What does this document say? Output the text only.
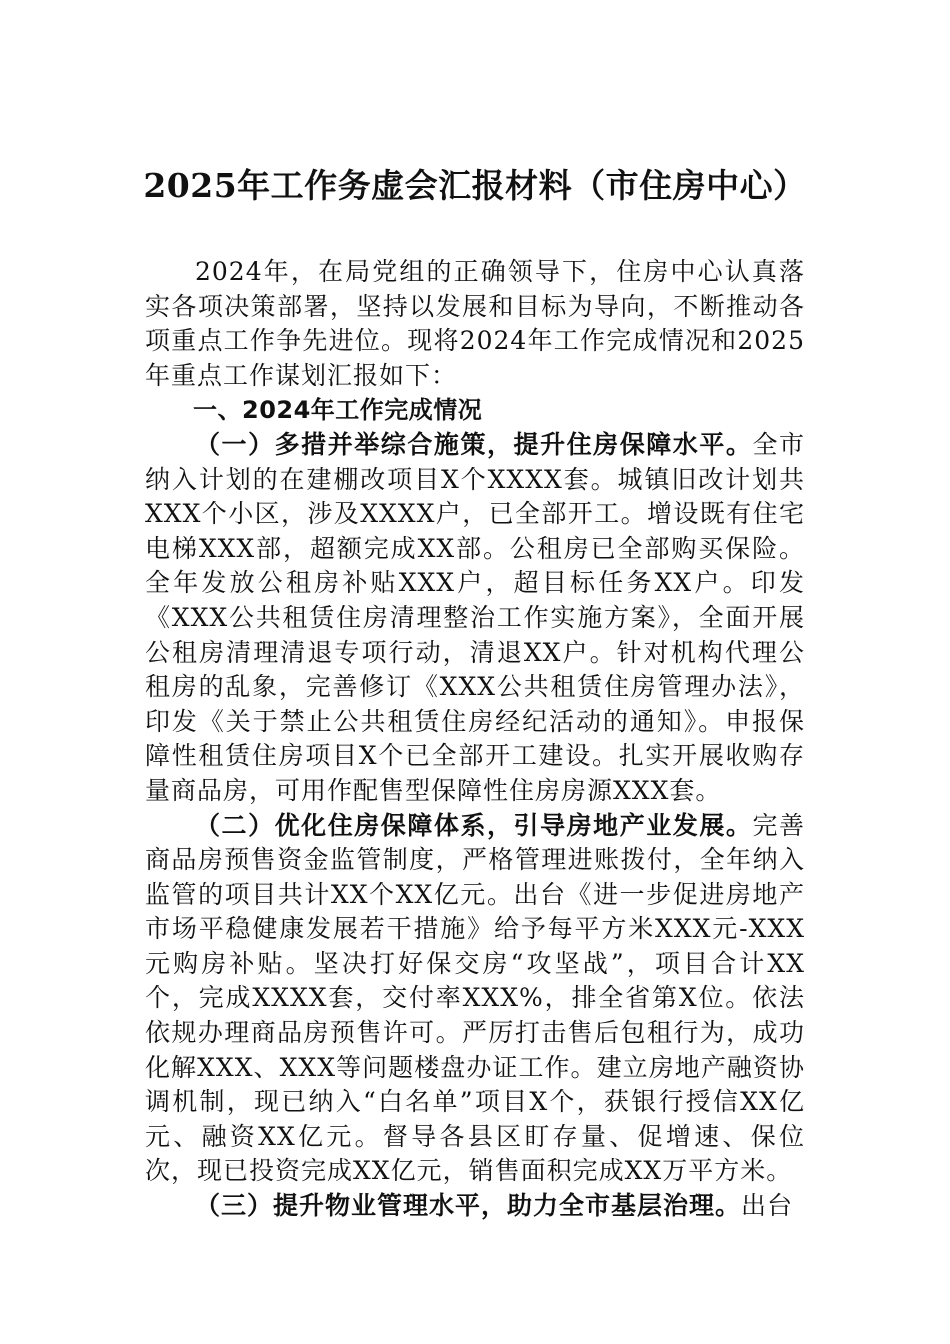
2025年工作务虚会汇报材料（市住房中心）

2024年，在局党组的正确领导下，住房中心认真落实各项决策部署，坚持以发展和目标为导向，不断推动各项重点工作争先进位。现将2024年工作完成情况和2025年重点工作谋划汇报如下：

一、2024年工作完成情况

（一）多措并举综合施策，提升住房保障水平。全市纳入计划的在建棚改项目X个XXXX套。城镇旧改计划共XXX个小区，涉及XXXX户，已全部开工。增设既有住宅电梯XXX部，超额完成XX部。公租房已全部购买保险。全年发放公租房补贴XXX户，超目标任务XX户。印发《XXX公共租赁住房清理整治工作实施方案》，全面开展公租房清理清退专项行动，清退XX户。针对机构代理公租房的乱象，完善修订《XXX公共租赁住房管理办法》，印发《关于禁止公共租赁住房经纪活动的通知》。申报保障性租赁住房项目X个已全部开工建设。扎实开展收购存量商品房，可用作配售型保障性住房房源XXX套。

（二）优化住房保障体系，引导房地产业发展。完善商品房预售资金监管制度，严格管理进账拨付，全年纳入监管的项目共计XX个XX亿元。出台《进一步促进房地产市场平稳健康发展若干措施》给予每平方米XXX元-XXX元购房补贴。坚决打好保交房“攻坚战”，项目合计XX个，完成XXXX套，交付率XXX%，排全省第X位。依法依规办理商品房预售许可。严厉打击售后包租行为，成功化解XXX、XXX等问题楼盘办证工作。建立房地产融资协调机制，现已纳入“白名单”项目X个，获银行授信XX亿元、融资XX亿元。督导各县区盯存量、促增速、保位次，现已投资完成XX亿元，销售面积完成XX万平方米。

（三）提升物业管理水平，助力全市基层治理。出台
